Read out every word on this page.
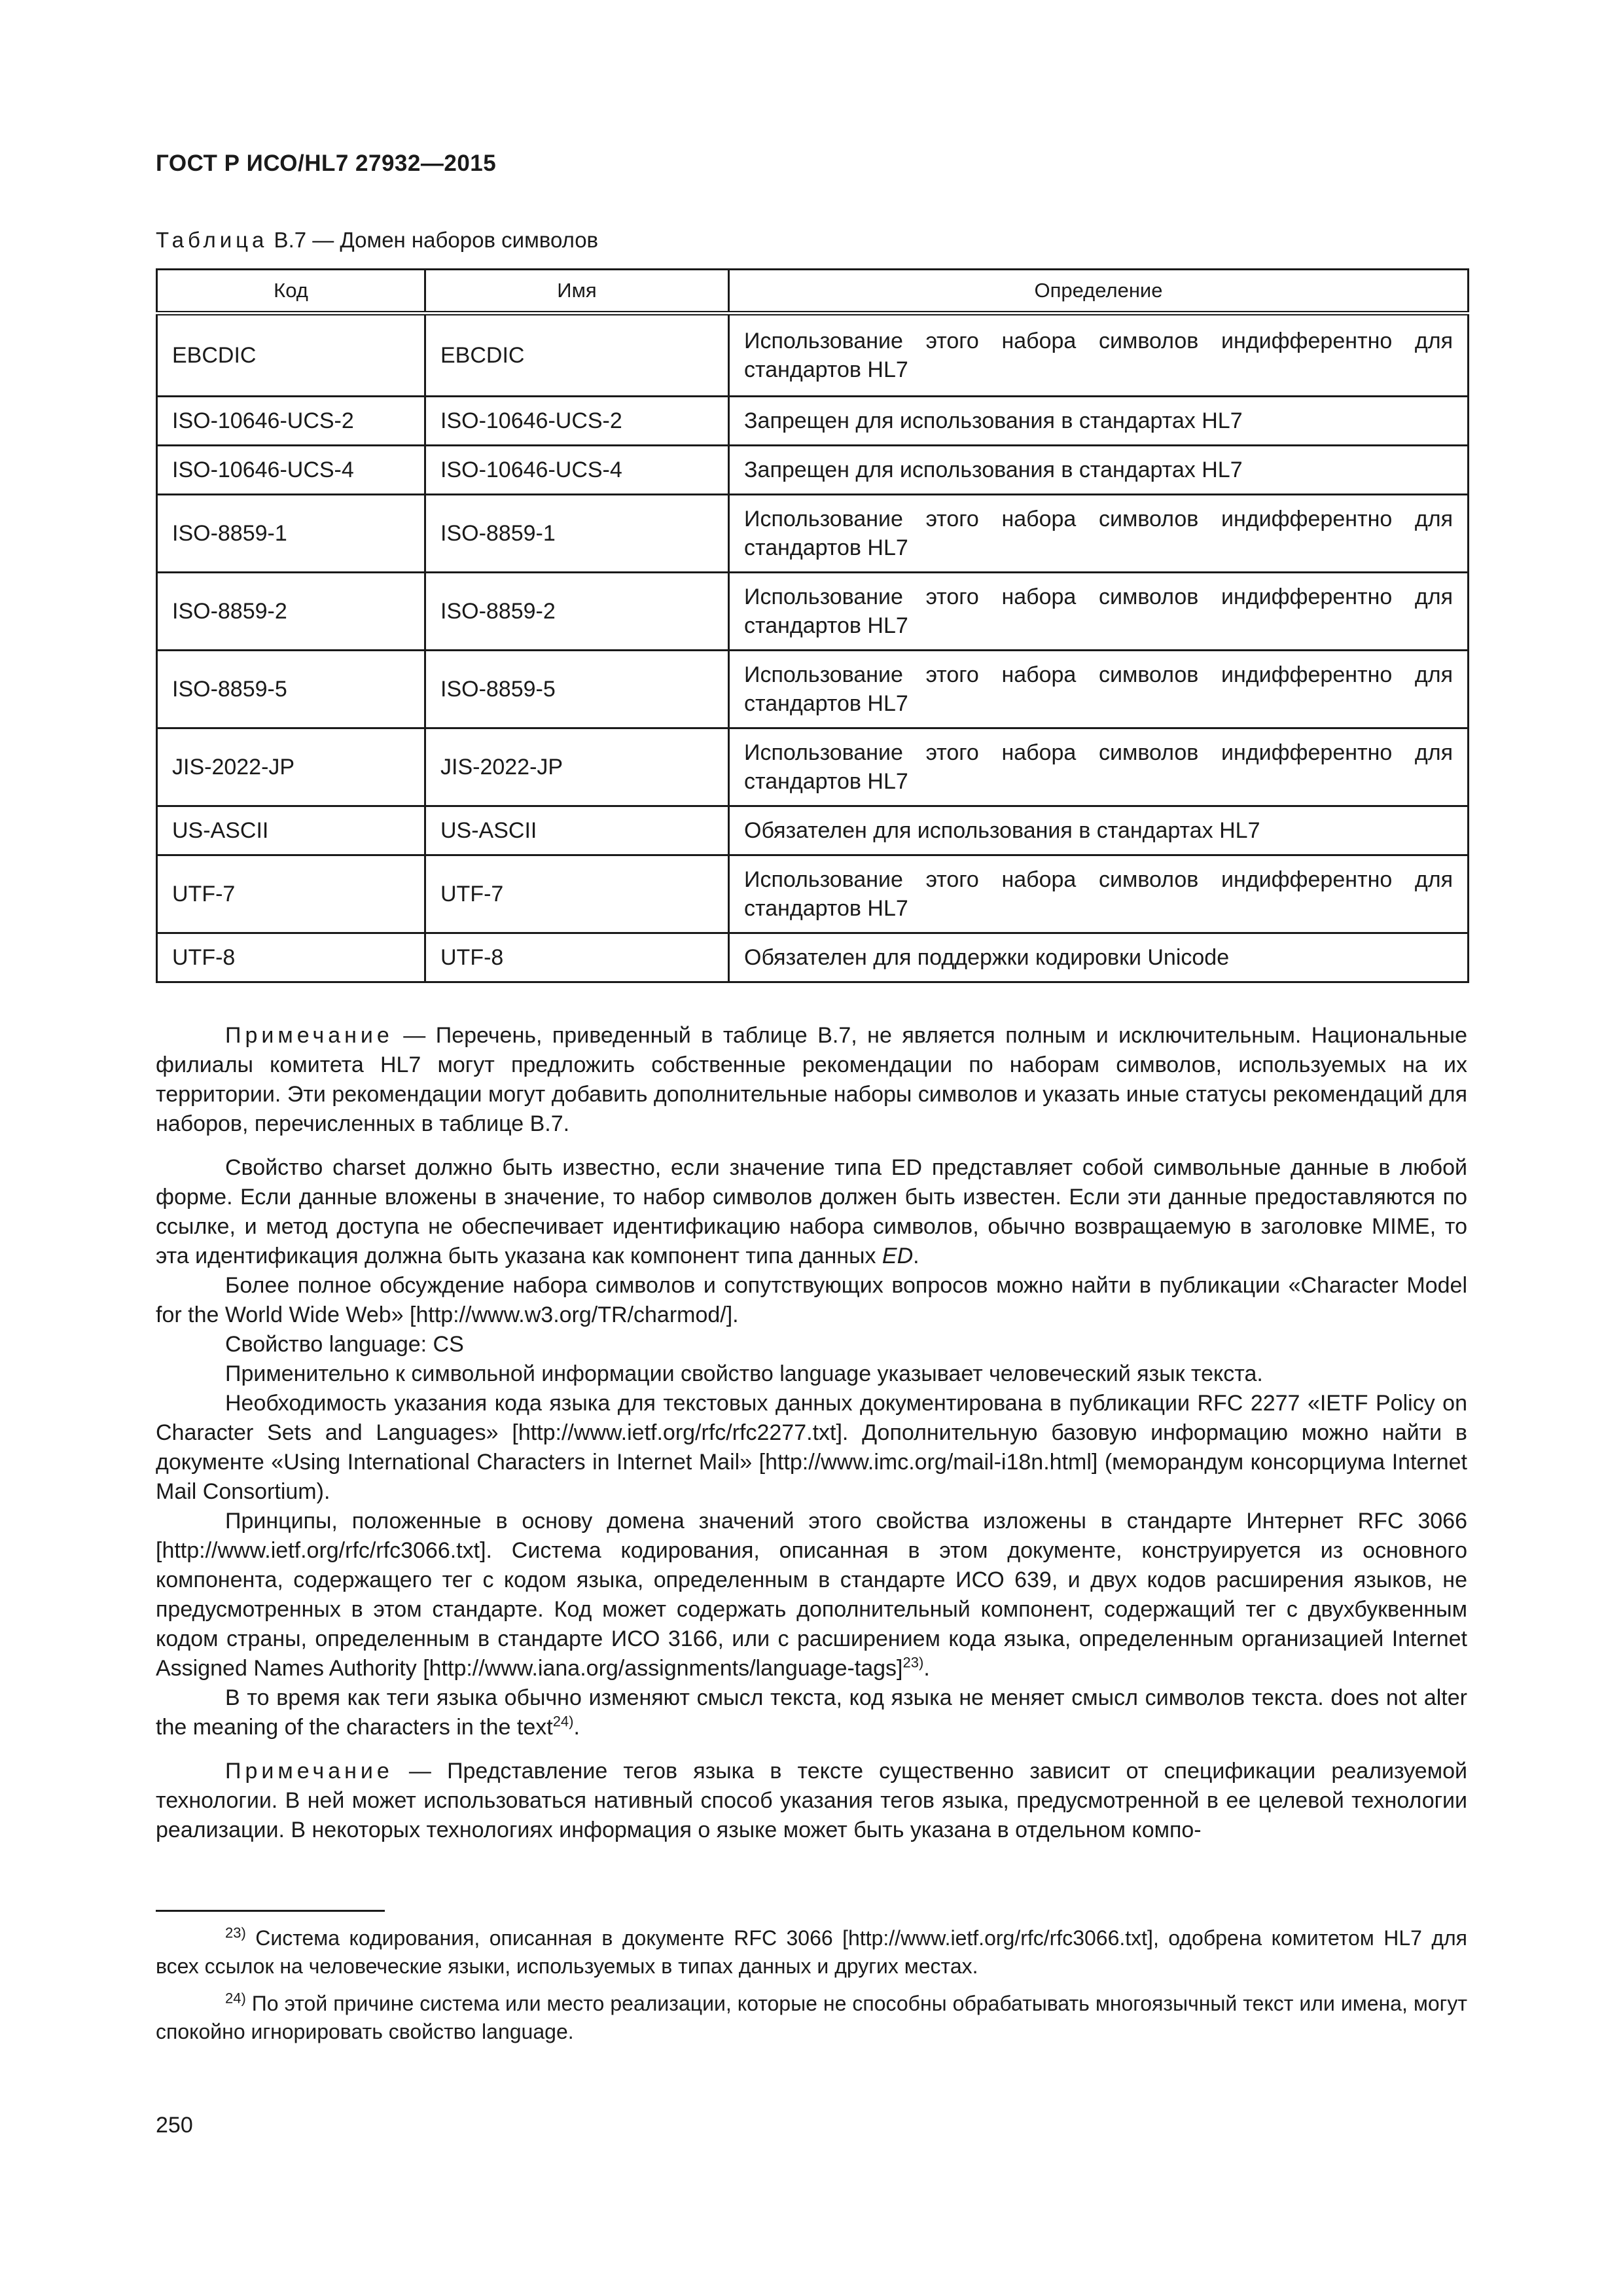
ГОСТ Р ИСО/HL7 27932—2015

Таблица В.7 — Домен наборов символов

Код	Имя	Определение
EBCDIC	EBCDIC	Использование этого набора символов индифферентно для стандартов HL7
ISO-10646-UCS-2	ISO-10646-UCS-2	Запрещен для использования в стандартах HL7
ISO-10646-UCS-4	ISO-10646-UCS-4	Запрещен для использования в стандартах HL7
ISO-8859-1	ISO-8859-1	Использование этого набора символов индифферентно для стандартов HL7
ISO-8859-2	ISO-8859-2	Использование этого набора символов индифферентно для стандартов HL7
ISO-8859-5	ISO-8859-5	Использование этого набора символов индифферентно для стандартов HL7
JIS-2022-JP	JIS-2022-JP	Использование этого набора символов индифферентно для стандартов HL7
US-ASCII	US-ASCII	Обязателен для использования в стандартах HL7
UTF-7	UTF-7	Использование этого набора символов индифферентно для стандартов HL7
UTF-8	UTF-8	Обязателен для поддержки кодировки Unicode

Примечание — Перечень, приведенный в таблице В.7, не является полным и исключительным. Национальные филиалы комитета HL7 могут предложить собственные рекомендации по наборам символов, используемых на их территории. Эти рекомендации могут добавить дополнительные наборы символов и указать иные статусы рекомендаций для наборов, перечисленных в таблице В.7.

Свойство charset должно быть известно, если значение типа ED представляет собой символьные данные в любой форме. Если данные вложены в значение, то набор символов должен быть известен. Если эти данные предоставляются по ссылке, и метод доступа не обеспечивает идентификацию набора символов, обычно возвращаемую в заголовке MIME, то эта идентификация должна быть указана как компонент типа данных ED.

Более полное обсуждение набора символов и сопутствующих вопросов можно найти в публикации «Character Model for the World Wide Web» [http://www.w3.org/TR/charmod/].

Свойство language: CS

Применительно к символьной информации свойство language указывает человеческий язык текста.

Необходимость указания кода языка для текстовых данных документирована в публикации RFC 2277 «IETF Policy on Character Sets and Languages» [http://www.ietf.org/rfc/rfc2277.txt]. Дополнительную базовую информацию можно найти в документе «Using International Characters in Internet Mail» [http://www.imc.org/mail-i18n.html] (меморандум консорциума Internet Mail Consortium).

Принципы, положенные в основу домена значений этого свойства изложены в стандарте Интернет RFC 3066 [http://www.ietf.org/rfc/rfc3066.txt]. Система кодирования, описанная в этом документе, конструируется из основного компонента, содержащего тег с кодом языка, определенным в стандарте ИСО 639, и двух кодов расширения языков, не предусмотренных в этом стандарте. Код может содержать дополнительный компонент, содержащий тег с двухбуквенным кодом страны, определенным в стандарте ИСО 3166, или с расширением кода языка, определенным организацией Internet Assigned Names Authority [http://www.iana.org/assignments/language-tags]$^{23)}$.

В то время как теги языка обычно изменяют смысл текста, код языка не меняет смысл символов текста. does not alter the meaning of the characters in the text$^{24)}$.

Примечание — Представление тегов языка в тексте существенно зависит от спецификации реализуемой технологии. В ней может использоваться нативный способ указания тегов языка, предусмотренной в ее целевой технологии реализации. В некоторых технологиях информация о языке может быть указана в отдельном компо-

$^{23)}$ Система кодирования, описанная в документе RFC 3066 [http://www.ietf.org/rfc/rfc3066.txt], одобрена комитетом HL7 для всех ссылок на человеческие языки, используемых в типах данных и других местах.

$^{24)}$ По этой причине система или место реализации, которые не способны обрабатывать многоязычный текст или имена, могут спокойно игнорировать свойство language.

250
